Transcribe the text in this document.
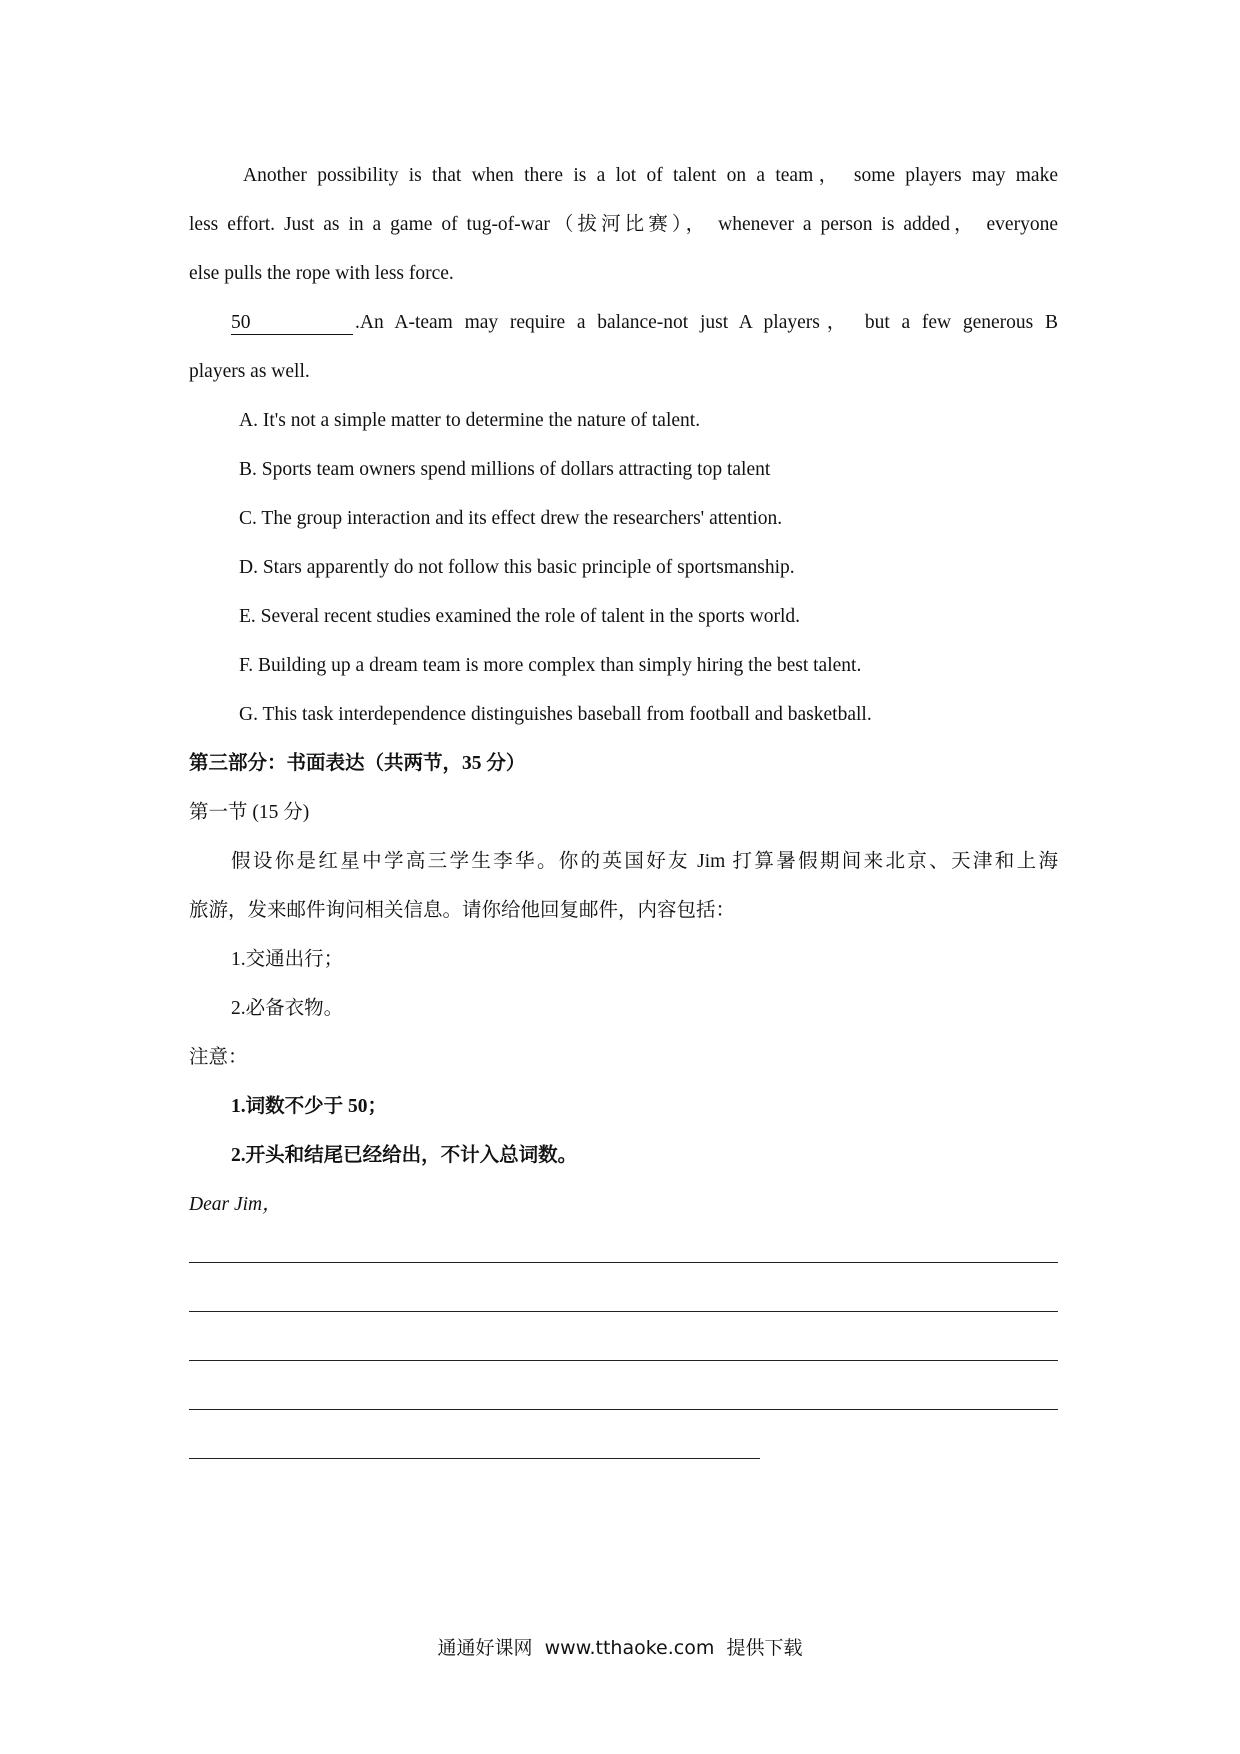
Another possibility is that when there is a lot of talent on a team， some players may make
less effort. Just as in a game of tug-of-war（拔河比赛）， whenever a person is added， everyone
else pulls the rope with less force.
50	.An A-team may require a balance-not just A players， but a few generous B
players as well.
A. It's not a simple matter to determine the nature of talent.
B. Sports team owners spend millions of dollars attracting top talent
C. The group interaction and its effect drew the researchers' attention.
D. Stars apparently do not follow this basic principle of sportsmanship.
E. Several recent studies examined the role of talent in the sports world.
F. Building up a dream team is more complex than simply hiring the best talent.
G. This task interdependence distinguishes baseball from football and basketball.
第三部分：书面表达（共两节，35 分）
第一节 (15 分)
假设你是红星中学高三学生李华。你的英国好友 Jim 打算暑假期间来北京、天津和上海
旅游，发来邮件询问相关信息。请你给他回复邮件，内容包括：
1.交通出行；
2.必备衣物。
注意：
1.词数不少于 50；
2.开头和结尾已经给出，不计入总词数。
Dear Jim，
通通好课网  www.tthaoke.com  提供下载
